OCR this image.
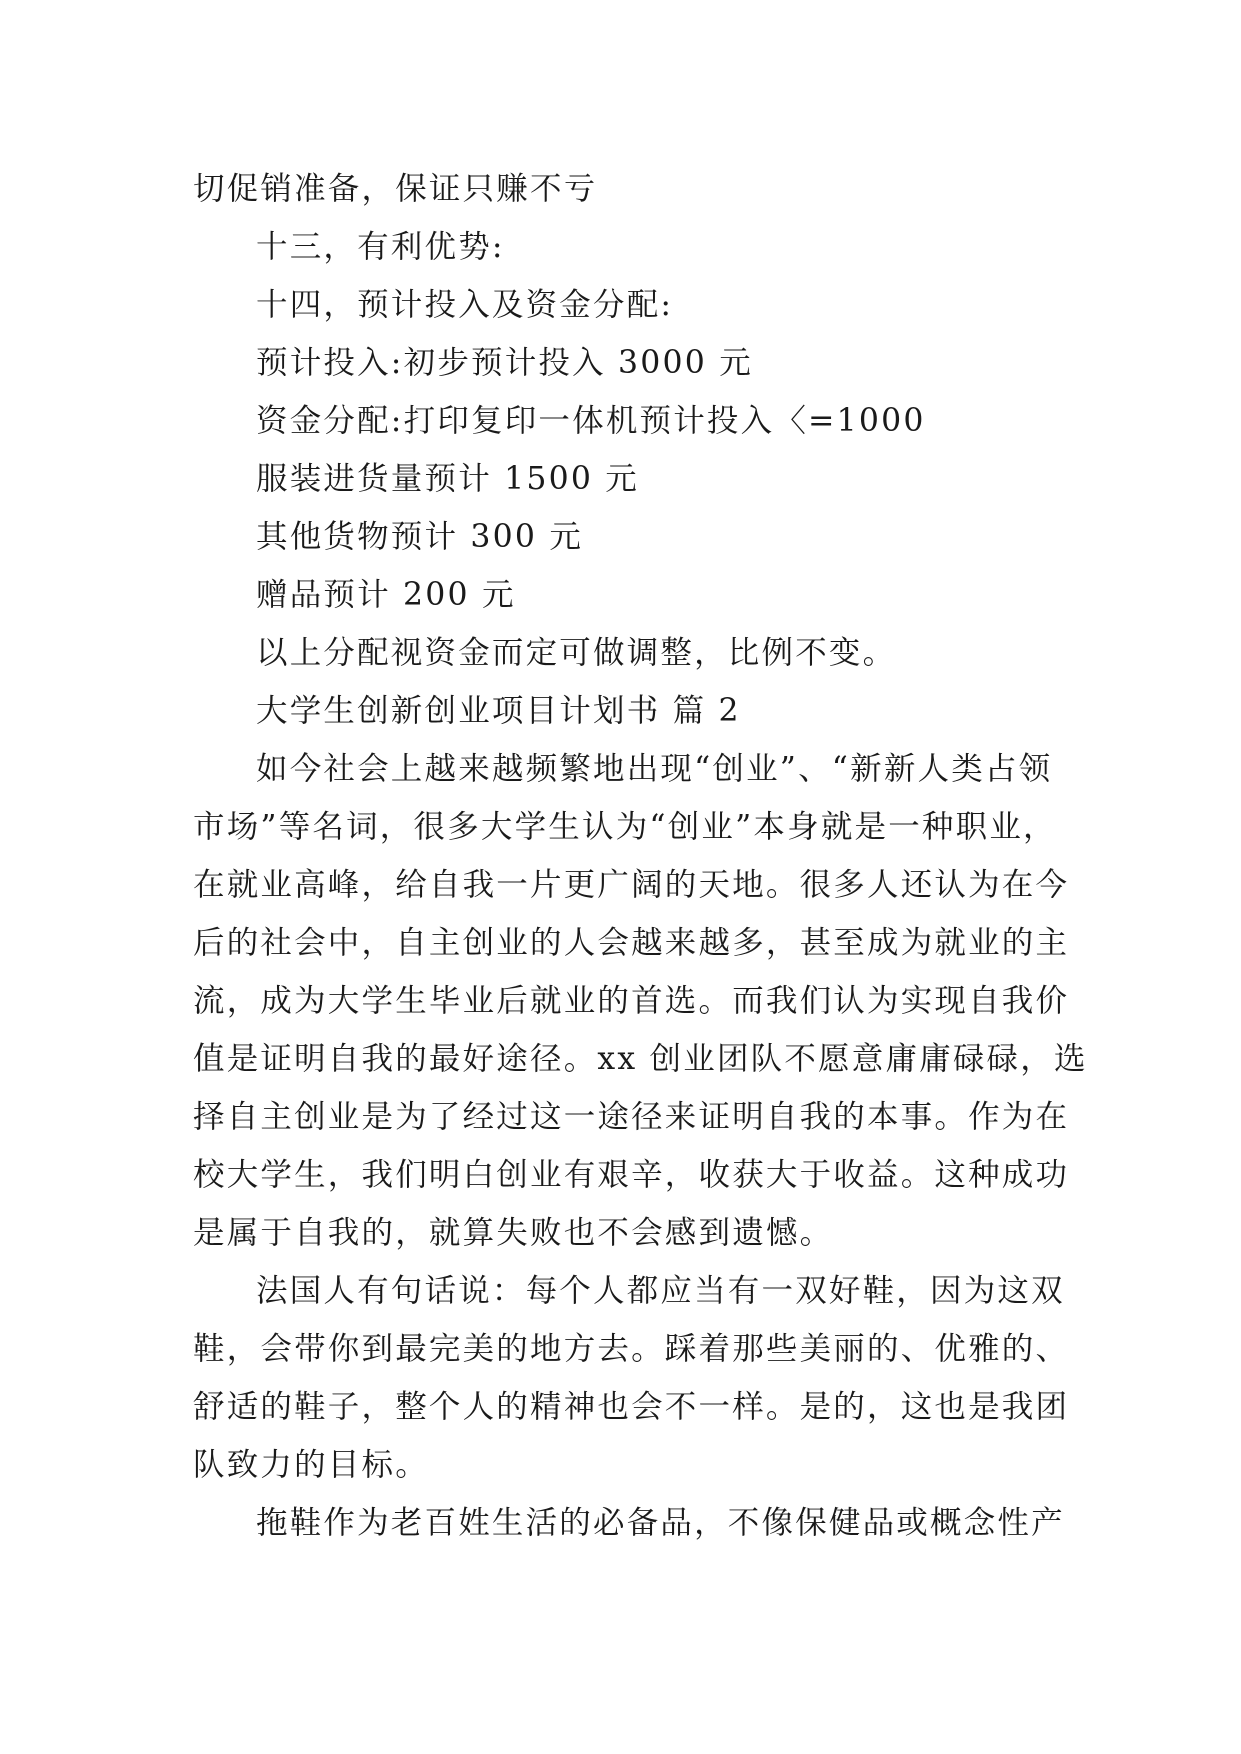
切促销准备，保证只赚不亏
十三，有利优势:
十四，预计投入及资金分配:
预计投入:初步预计投入 3000 元
资金分配:打印复印一体机预计投入〈=1000
服装进货量预计 1500 元
其他货物预计 300 元
赠品预计 200 元
以上分配视资金而定可做调整，比例不变。
大学生创新创业项目计划书 篇 2
如今社会上越来越频繁地出现“创业”、“新新人类占领
市场”等名词，很多大学生认为“创业”本身就是一种职业，
在就业高峰，给自我一片更广阔的天地。很多人还认为在今
后的社会中，自主创业的人会越来越多，甚至成为就业的主
流，成为大学生毕业后就业的首选。而我们认为实现自我价
值是证明自我的最好途径。xx 创业团队不愿意庸庸碌碌，选
择自主创业是为了经过这一途径来证明自我的本事。作为在
校大学生，我们明白创业有艰辛，收获大于收益。这种成功
是属于自我的，就算失败也不会感到遗憾。
法国人有句话说：每个人都应当有一双好鞋，因为这双
鞋，会带你到最完美的地方去。踩着那些美丽的、优雅的、
舒适的鞋子，整个人的精神也会不一样。是的，这也是我团
队致力的目标。
拖鞋作为老百姓生活的必备品，不像保健品或概念性产
